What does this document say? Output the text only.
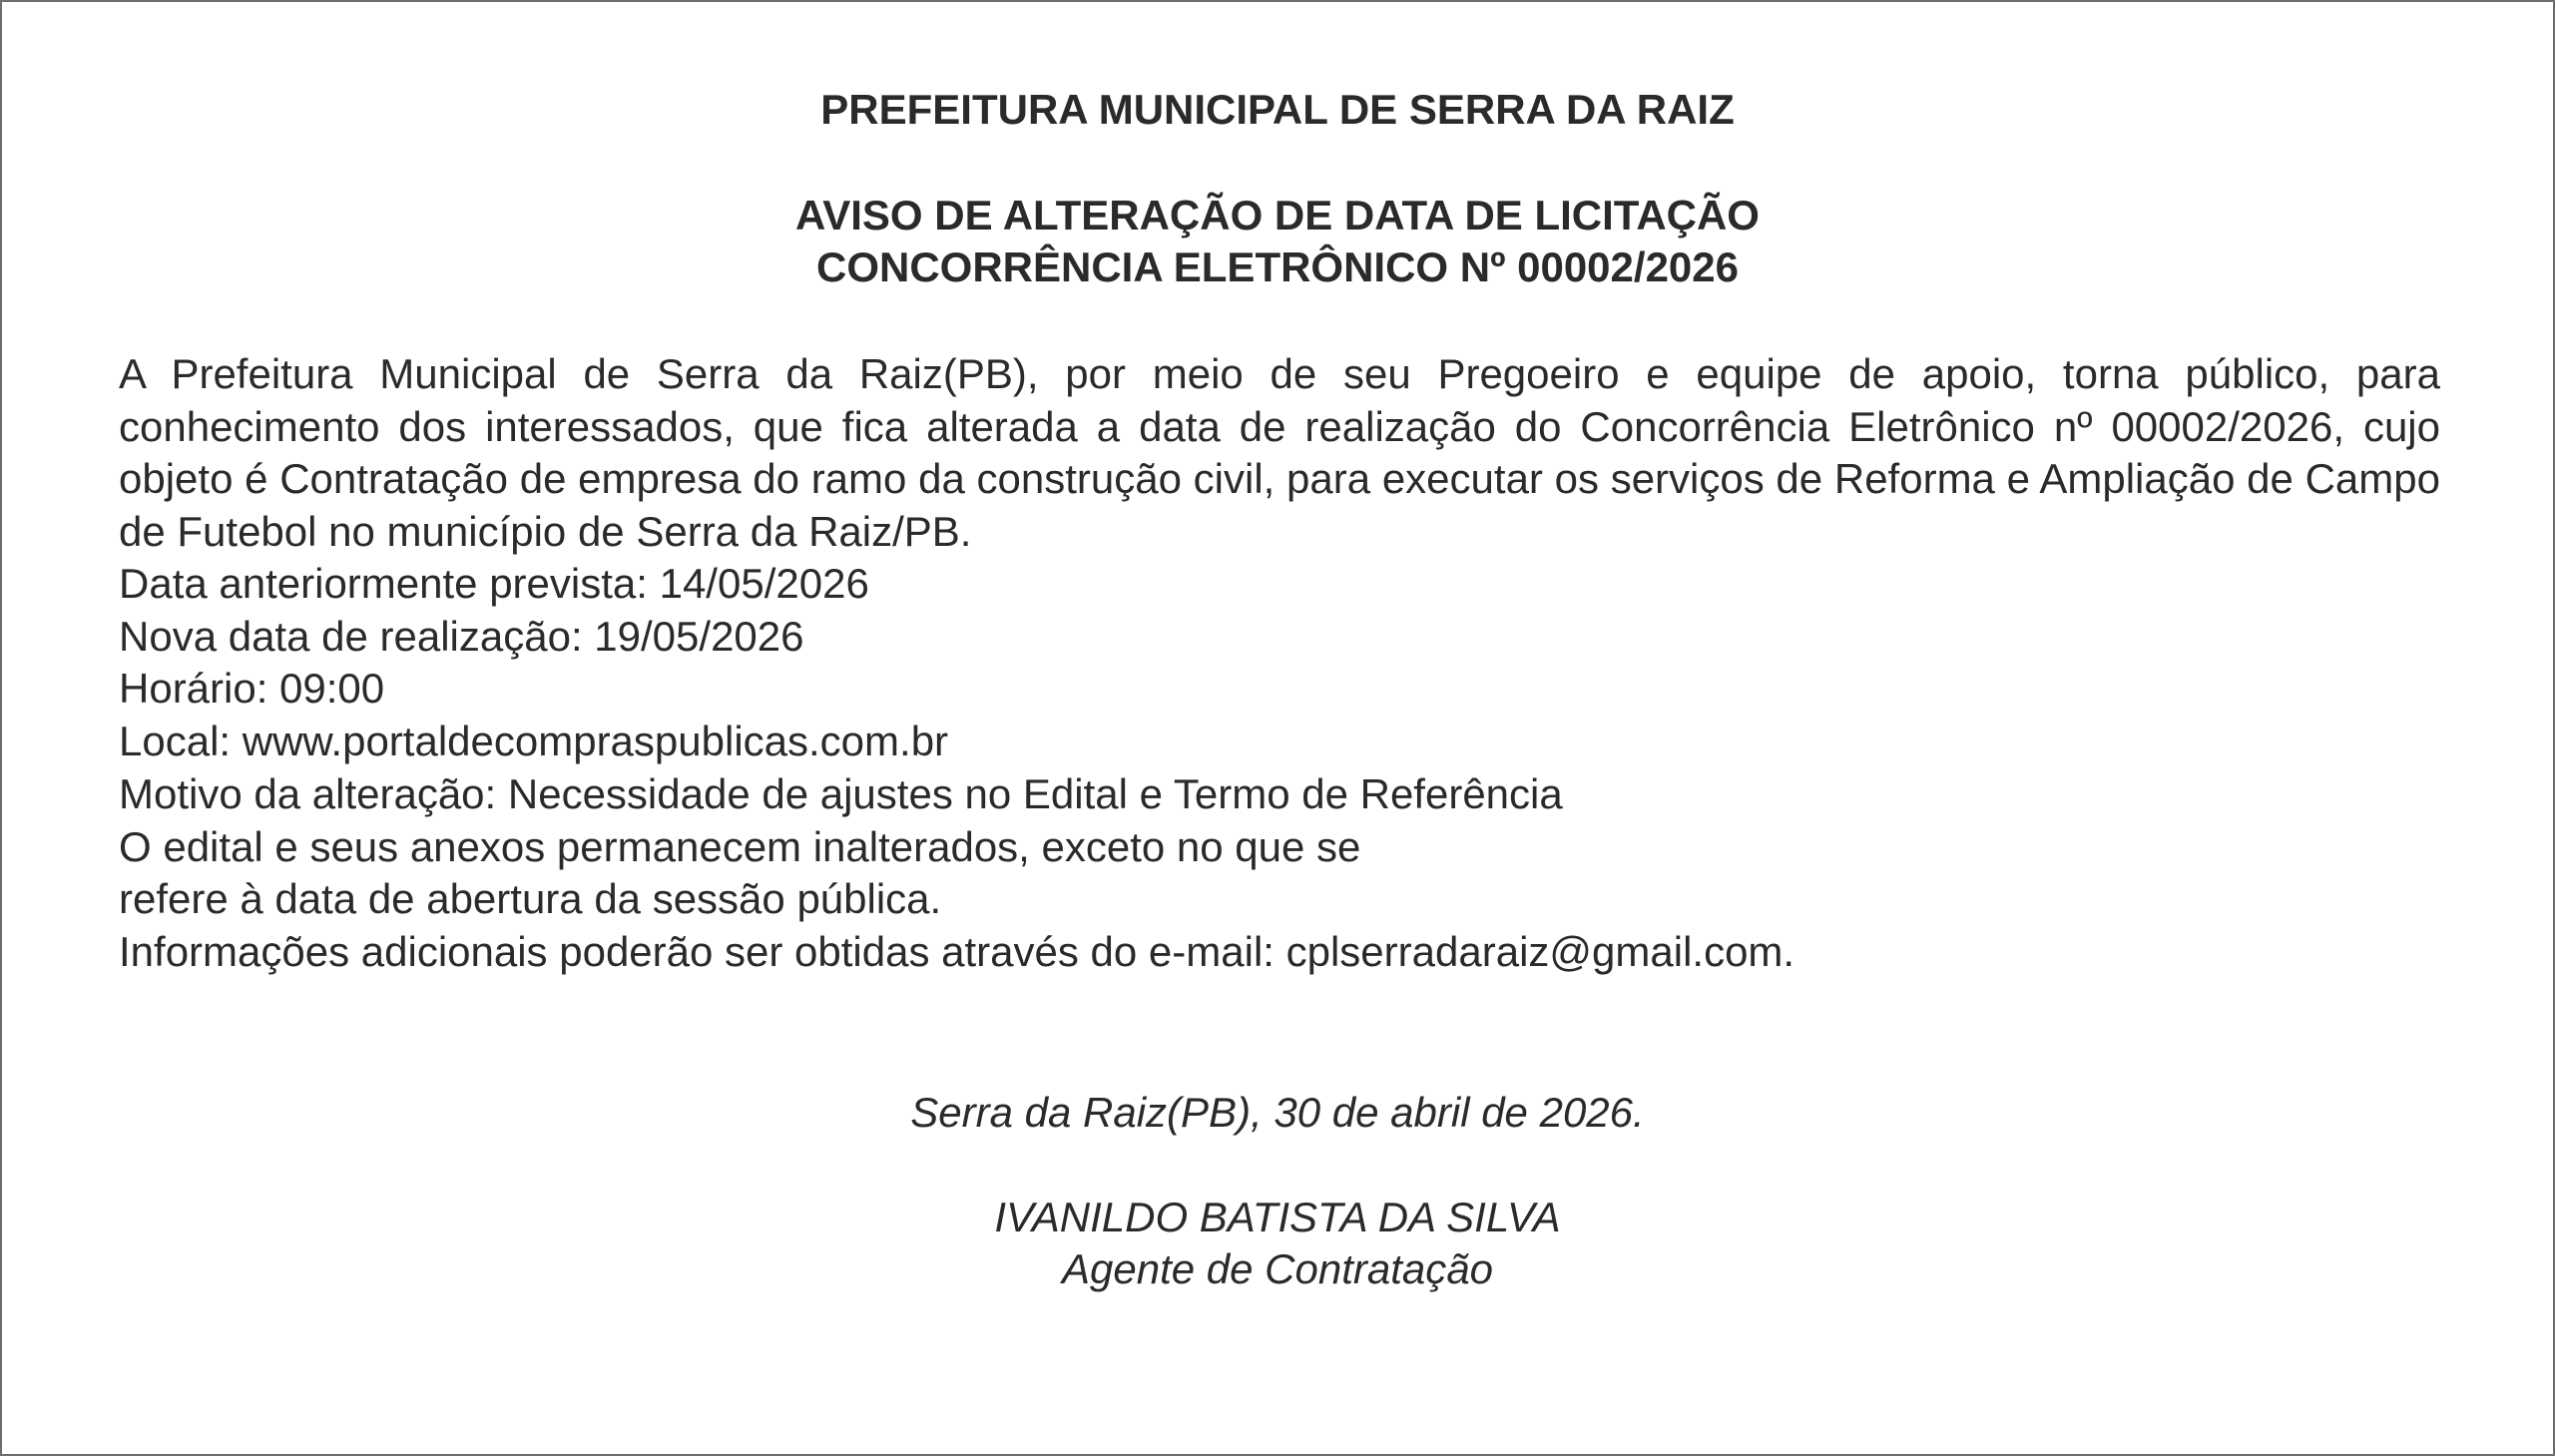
PREFEITURA MUNICIPAL DE SERRA DA RAIZ
AVISO DE ALTERAÇÃO DE DATA DE LICITAÇÃO
CONCORRÊNCIA ELETRÔNICO Nº 00002/2026

A Prefeitura Municipal de Serra da Raiz(PB), por meio de seu Pregoeiro e equipe de apoio, torna público, para conhecimento dos interessados, que fica alterada a data de realização do Concorrência Eletrônico nº 00002/2026, cujo objeto é Contratação de empresa do ramo da construção civil, para executar os serviços de Reforma e Ampliação de Campo de Futebol no município de Serra da Raiz/PB.

Data anteriormente prevista: 14/05/2026
Nova data de realização: 19/05/2026
Horário: 09:00
Local: www.portaldecompraspublicas.com.br
Motivo da alteração: Necessidade de ajustes no Edital e Termo de Referência
O edital e seus anexos permanecem inalterados, exceto no que se
refere à data de abertura da sessão pública.
Informações adicionais poderão ser obtidas através do e-mail: cplserradaraiz@gmail.com.

Serra da Raiz(PB), 30 de abril de 2026.

IVANILDO BATISTA DA SILVA

Agente de Contratação
